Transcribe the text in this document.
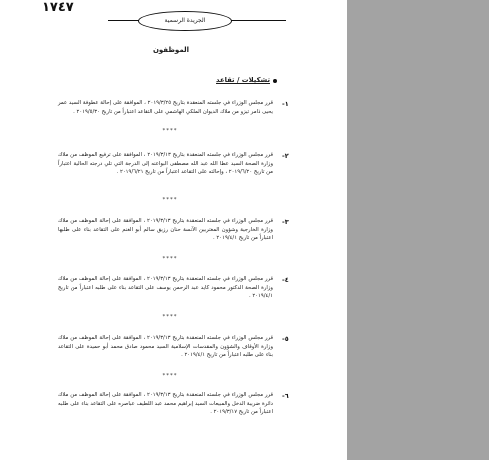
١٧٤٧
الجريدة الرسمية
الموظفون
تشكيلات / تقاعد
١-
قرر مجلس الوزراء في جلسته المنعقدة بتاريخ ٢٠١٩/٣/٢٥ ، الموافقة على إحالة عطوفة السيد عمر يحيى ذامر تيزو من ملاك الديوان الملكي الهاشمي على التقاعد اعتباراً من تاريخ ٢٠١٩/٥/٣٠ .
****
٢-
قرر مجلس الوزراء في جلسته المنعقدة بتاريخ ٢٠١٩/٣/١٣ ، الموافقة على ترفيع الموظف من ملاك وزارة الصحة السيد عطا الله عبد الله مصطفى البواعنه إلى الدرجة التي تلي درجته الحالية اعتباراً من تاريخ ٢٠١٩/٦/٢٠ ، وإحالته على التقاعد اعتباراً من تاريخ ٢٠١٩/٦/٢١ .
****
٣-
قرر مجلس الوزراء في جلسته المنعقدة بتاريخ ٢٠١٩/٣/١٣ ، الموافقة على إحالة الموظف من ملاك وزارة الخارجية وشؤون المغتربين الآنسة حنان رزيق سالم أبو الغنم على التقاعد بناء على طلبها اعتباراً من تاريخ ٢٠١٩/٤/١ .
****
٤-
قرر مجلس الوزراء في جلسته المنعقدة بتاريخ ٢٠١٩/٣/١٣ ، الموافقة على إحالة الموظف من ملاك وزارة الصحة الدكتور محمود كايد عبد الرحمن يوسف على التقاعد بناء على طلبه اعتباراً من تاريخ ٢٠١٩/٤/١ .
****
٥-
قرر مجلس الوزراء في جلسته المنعقدة بتاريخ ٢٠١٩/٣/١٣ ، الموافقة على إحالة الموظف من ملاك وزارة الأوقاف والشؤون والمقدسات الإسلامية السيد محمود صادق محمد أبو حميدة على التقاعد بناء على طلبه اعتباراً من تاريخ ٢٠١٩/٤/١ .
****
٦-
قرر مجلس الوزراء في جلسته المنعقدة بتاريخ ٢٠١٩/٣/١٣ ، الموافقة على إحالة الموظف من ملاك دائرة ضريبة الدخل والمبيعات السيد إبراهيم محمد عبد اللطيف عباصره على التقاعد بناء على طلبه اعتباراً من تاريخ ٢٠١٩/٣/١٧ .
